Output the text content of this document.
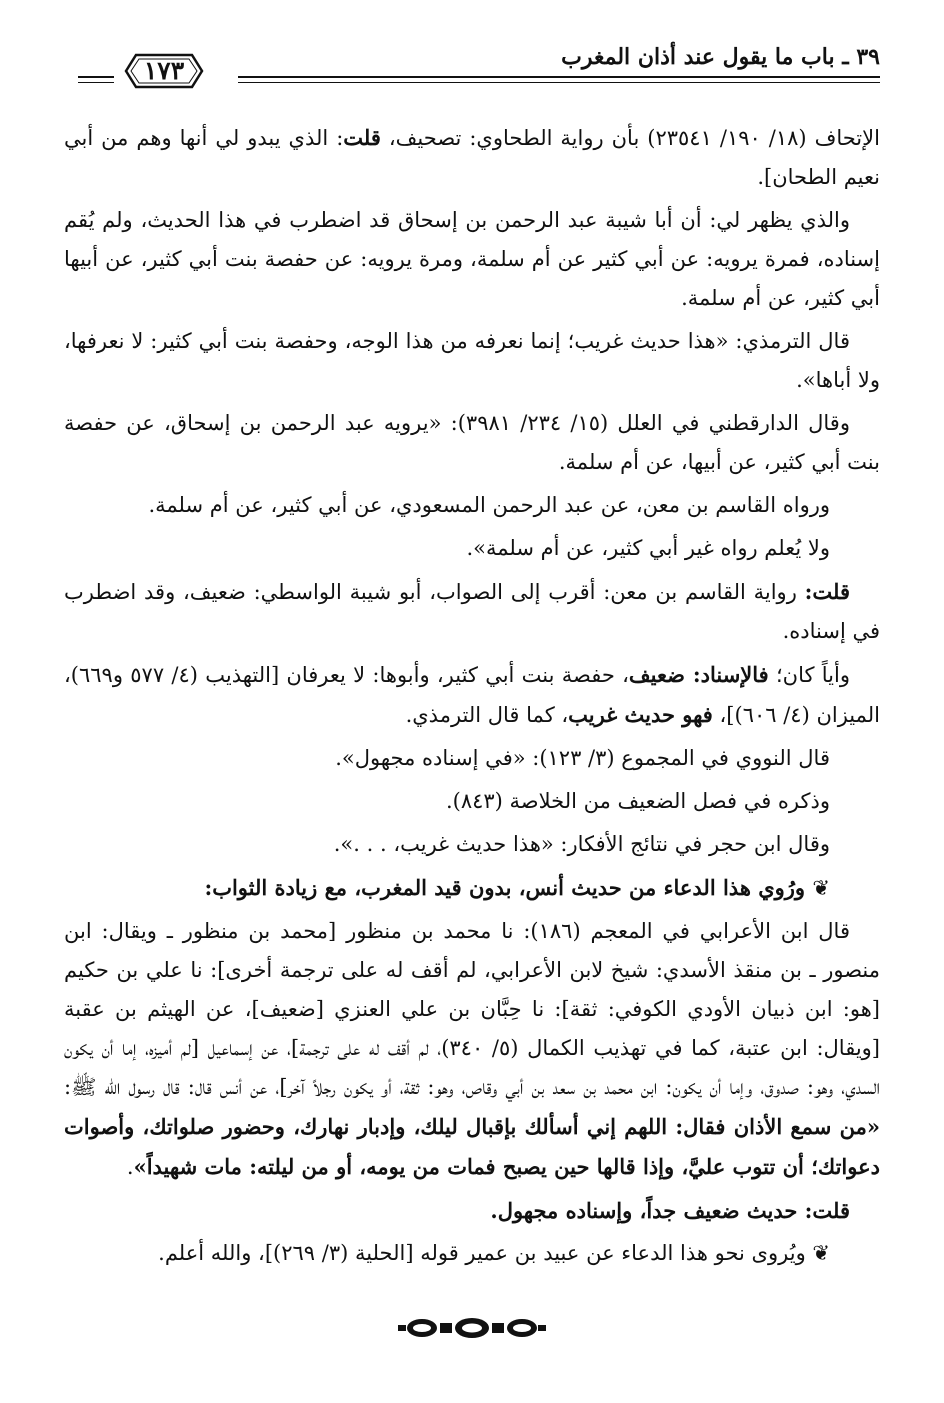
٣٩ ـ باب ما يقول عند أذان المغرب
١٧٣

الإتحاف (١٨/ ١٩٠/ ٢٣٥٤١) بأن رواية الطحاوي: تصحيف، قلت: الذي يبدو لي أنها وهم من أبي نعيم الطحان].

والذي يظهر لي: أن أبا شيبة عبد الرحمن بن إسحاق قد اضطرب في هذا الحديث، ولم يُقم إسناده، فمرة يرويه: عن أبي كثير عن أم سلمة، ومرة يرويه: عن حفصة بنت أبي كثير، عن أبيها أبي كثير، عن أم سلمة.

قال الترمذي: «هذا حديث غريب؛ إنما نعرفه من هذا الوجه، وحفصة بنت أبي كثير: لا نعرفها، ولا أباها».

وقال الدارقطني في العلل (١٥/ ٢٣٤/ ٣٩٨١): «يرويه عبد الرحمن بن إسحاق، عن حفصة بنت أبي كثير، عن أبيها، عن أم سلمة.

ورواه القاسم بن معن، عن عبد الرحمن المسعودي، عن أبي كثير، عن أم سلمة.

ولا يُعلم رواه غير أبي كثير، عن أم سلمة».

قلت: رواية القاسم بن معن: أقرب إلى الصواب، أبو شيبة الواسطي: ضعيف، وقد اضطرب في إسناده.

وأياً كان؛ فالإسناد: ضعيف، حفصة بنت أبي كثير، وأبوها: لا يعرفان [التهذيب (٤/ ٥٧٧ و٦٦٩)، الميزان (٤/ ٦٠٦)]، فهو حديث غريب، كما قال الترمذي.

قال النووي في المجموع (٣/ ١٢٣): «في إسناده مجهول».

وذكره في فصل الضعيف من الخلاصة (٨٤٣).

وقال ابن حجر في نتائج الأفكار: «هذا حديث غريب، . . .».

❦ ورُوي هذا الدعاء من حديث أنس، بدون قيد المغرب، مع زيادة الثواب:

قال ابن الأعرابي في المعجم (١٨٦): نا محمد بن منظور [محمد بن منظور ـ ويقال: ابن منصور ـ بن منقذ الأسدي: شيخ لابن الأعرابي، لم أقف له على ترجمة أخرى]: نا علي بن حكيم [هو: ابن ذبيان الأودي الكوفي: ثقة]: نا حِبَّان بن علي العنزي [ضعيف]، عن الهيثم بن عقبة [ويقال: ابن عتبة، كما في تهذيب الكمال (٥/ ٣٤٠)، لم أقف له على ترجمة]، عن إسماعيل [لم أميزه، إما أن يكون السدي، وهو: صدوق، وإما أن يكون: ابن محمد بن سعد بن أبي وقاص، وهو: ثقة، أو يكون رجلاً آخر]، عن أنس قال: قال رسول الله ﷺ: «من سمع الأذان فقال: اللهم إني أسألك بإقبال ليلك، وإدبار نهارك، وحضور صلواتك، وأصوات دعواتك؛ أن تتوب عليَّ، وإذا قالها حين يصبح فمات من يومه، أو من ليلته: مات شهيداً».

قلت: حديث ضعيف جداً، وإسناده مجهول.

❦ ويُروى نحو هذا الدعاء عن عبيد بن عمير قوله [الحلية (٣/ ٢٦٩)]، والله أعلم.
